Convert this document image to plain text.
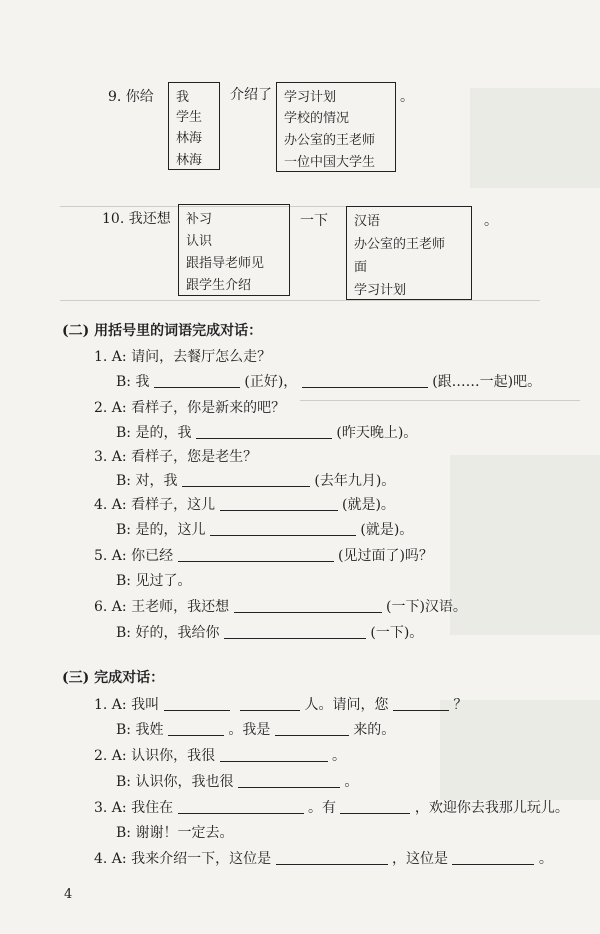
9. 你给 我
学生
林海
林海
介绍了 学习计划
学校的情况
办公室的王老师
一位中国大学生
。
10. 我还想 补习
认识
跟指导老师见
跟学生介绍
一下 汉语
办公室的王老师
面
学习计划
。
(二) 用括号里的词语完成对话：
1. A: 请问，去餐厅怎么走？
B: 我	(正好)，	(跟……一起)吧。
2. A: 看样子，你是新来的吧？
B: 是的，我	(昨天晚上)。
3. A: 看样子，您是老生？
B: 对，我	(去年九月)。
4. A: 看样子，这儿	(就是)。
B: 是的，这儿	(就是)。
5. A: 你已经	(见过面了)吗？
B: 见过了。
6. A: 王老师，我还想	(一下)汉语。
B: 好的，我给你	(一下)。
(三) 完成对话：
1. A: 我叫	人。请问，您	？
B: 我姓	。我是	来的。
2. A: 认识你，我很	。
B: 认识你，我也很	。
3. A: 我住在	。有	，欢迎你去我那儿玩儿。
B: 谢谢！一定去。
4. A: 我来介绍一下，这位是	，这位是	。
4
